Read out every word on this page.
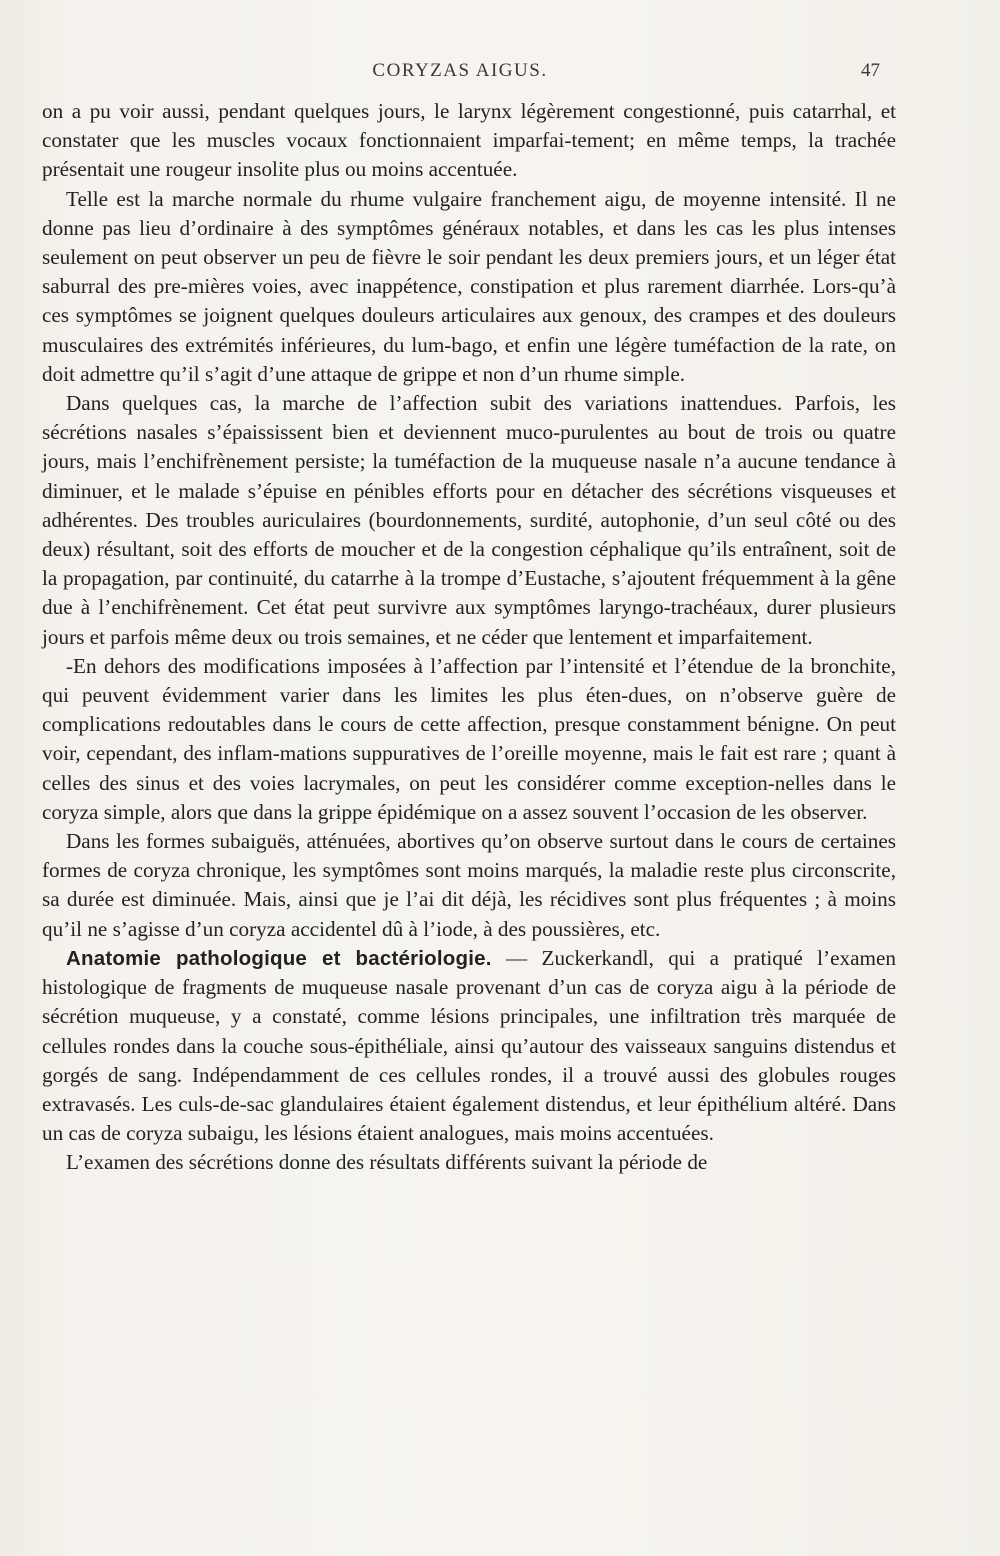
CORYZAS AIGUS.	47

on a pu voir aussi, pendant quelques jours, le larynx légèrement congestionné, puis catarrhal, et constater que les muscles vocaux fonctionnaient imparfai-tement; en même temps, la trachée présentait une rougeur insolite plus ou moins accentuée.

Telle est la marche normale du rhume vulgaire franchement aigu, de moyenne intensité. Il ne donne pas lieu d’ordinaire à des symptômes généraux notables, et dans les cas les plus intenses seulement on peut observer un peu de fièvre le soir pendant les deux premiers jours, et un léger état saburral des pre-mières voies, avec inappétence, constipation et plus rarement diarrhée. Lors-qu’à ces symptômes se joignent quelques douleurs articulaires aux genoux, des crampes et des douleurs musculaires des extrémités inférieures, du lum-bago, et enfin une légère tuméfaction de la rate, on doit admettre qu’il s’agit d’une attaque de grippe et non d’un rhume simple.

Dans quelques cas, la marche de l’affection subit des variations inattendues. Parfois, les sécrétions nasales s’épaississent bien et deviennent muco-purulentes au bout de trois ou quatre jours, mais l’enchifrènement persiste; la tuméfaction de la muqueuse nasale n’a aucune tendance à diminuer, et le malade s’épuise en pénibles efforts pour en détacher des sécrétions visqueuses et adhérentes. Des troubles auriculaires (bourdonnements, surdité, autophonie, d’un seul côté ou des deux) résultant, soit des efforts de moucher et de la congestion céphalique qu’ils entraînent, soit de la propagation, par continuité, du catarrhe à la trompe d’Eustache, s’ajoutent fréquemment à la gêne due à l’enchifrènement. Cet état peut survivre aux symptômes laryngo-trachéaux, durer plusieurs jours et parfois même deux ou trois semaines, et ne céder que lentement et imparfaitement.

-En dehors des modifications imposées à l’affection par l’intensité et l’étendue de la bronchite, qui peuvent évidemment varier dans les limites les plus éten-dues, on n’observe guère de complications redoutables dans le cours de cette affection, presque constamment bénigne. On peut voir, cependant, des inflam-mations suppuratives de l’oreille moyenne, mais le fait est rare ; quant à celles des sinus et des voies lacrymales, on peut les considérer comme exception-nelles dans le coryza simple, alors que dans la grippe épidémique on a assez souvent l’occasion de les observer.

Dans les formes subaiguës, atténuées, abortives qu’on observe surtout dans le cours de certaines formes de coryza chronique, les symptômes sont moins marqués, la maladie reste plus circonscrite, sa durée est diminuée. Mais, ainsi que je l’ai dit déjà, les récidives sont plus fréquentes ; à moins qu’il ne s’agisse d’un coryza accidentel dû à l’iode, à des poussières, etc.

Anatomie pathologique et bactériologie. — Zuckerkandl, qui a pratiqué l’examen histologique de fragments de muqueuse nasale provenant d’un cas de coryza aigu à la période de sécrétion muqueuse, y a constaté, comme lésions principales, une infiltration très marquée de cellules rondes dans la couche sous-épithéliale, ainsi qu’autour des vaisseaux sanguins distendus et gorgés de sang. Indépendamment de ces cellules rondes, il a trouvé aussi des globules rouges extravasés. Les culs-de-sac glandulaires étaient également distendus, et leur épithélium altéré. Dans un cas de coryza subaigu, les lésions étaient analogues, mais moins accentuées.

L’examen des sécrétions donne des résultats différents suivant la période de
